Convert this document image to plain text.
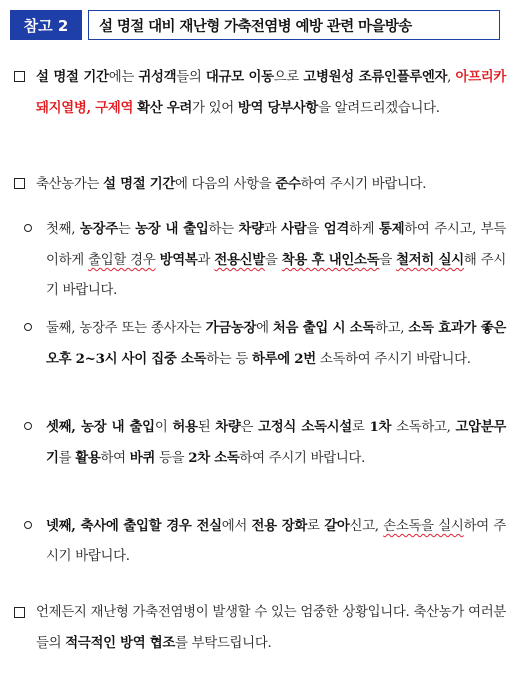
참고 2	설 명절 대비 재난형 가축전염병 예방 관련 마을방송
설 명절 기간에는 귀성객들의 대규모 이동으로 고병원성 조류인플루엔자, 아프리카돼지열병, 구제역 확산 우려가 있어 방역 당부사항을 알려드리겠습니다.
축산농가는 설 명절 기간에 다음의 사항을 준수하여 주시기 바랍니다.
첫째, 농장주는 농장 내 출입하는 차량과 사람을 엄격하게 통제하여 주시고, 부득이하게 출입할 경우 방역복과 전용신발을 착용 후 내인소독을 철저히 실시해 주시기 바랍니다.
둘째, 농장주 또는 종사자는 가금농장에 처음 출입 시 소독하고, 소독 효과가 좋은 오후 2~3시 사이 집중 소독하는 등 하루에 2번 소독하여 주시기 바랍니다.
셋째, 농장 내 출입이 허용된 차량은 고정식 소독시설로 1차 소독하고, 고압분무기를 활용하여 바퀴 등을 2차 소독하여 주시기 바랍니다.
넷째, 축사에 출입할 경우 전실에서 전용 장화로 갈아신고, 손소독을 실시하여 주시기 바랍니다.
언제든지 재난형 가축전염병이 발생할 수 있는 엄중한 상황입니다. 축산농가 여러분들의 적극적인 방역 협조를 부탁드립니다.
